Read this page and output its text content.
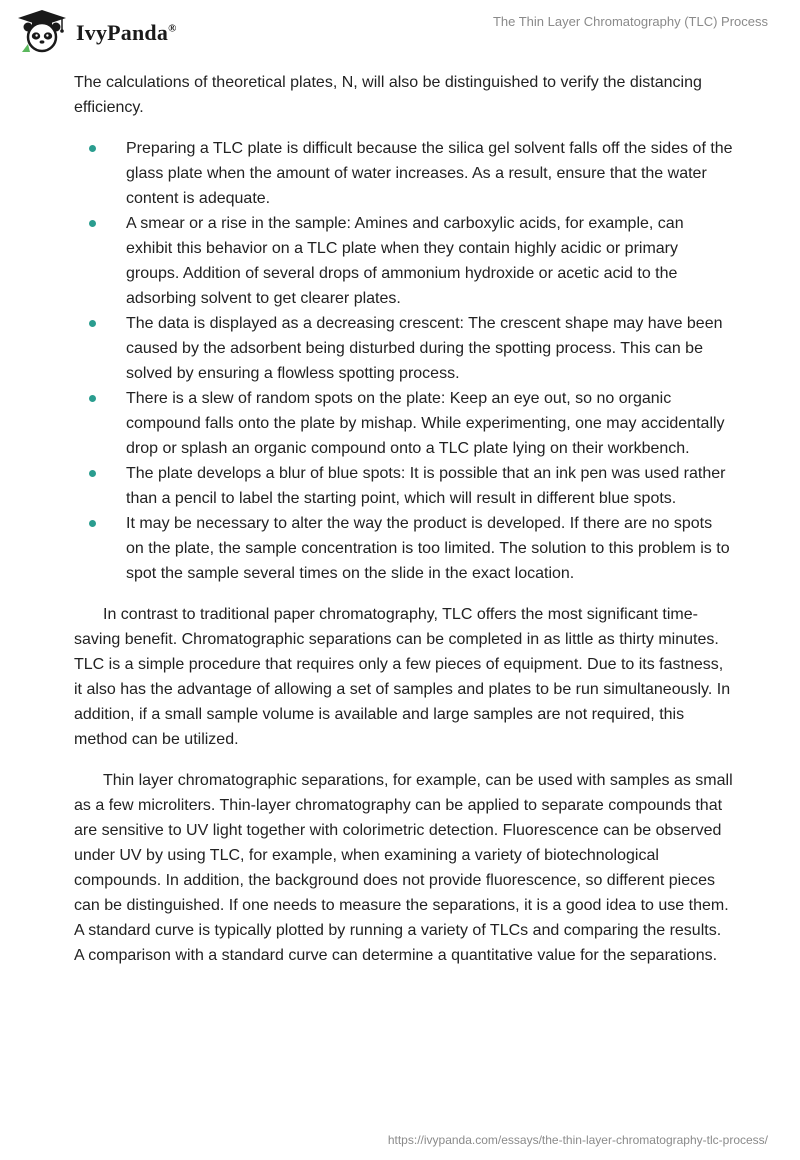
IvyPanda®	The Thin Layer Chromatography (TLC) Process

The calculations of theoretical plates, N, will also be distinguished to verify the distancing efficiency.

Preparing a TLC plate is difficult because the silica gel solvent falls off the sides of the glass plate when the amount of water increases. As a result, ensure that the water content is adequate.
A smear or a rise in the sample: Amines and carboxylic acids, for example, can exhibit this behavior on a TLC plate when they contain highly acidic or primary groups. Addition of several drops of ammonium hydroxide or acetic acid to the adsorbing solvent to get clearer plates.
The data is displayed as a decreasing crescent: The crescent shape may have been caused by the adsorbent being disturbed during the spotting process. This can be solved by ensuring a flowless spotting process.
There is a slew of random spots on the plate: Keep an eye out, so no organic compound falls onto the plate by mishap. While experimenting, one may accidentally drop or splash an organic compound onto a TLC plate lying on their workbench.
The plate develops a blur of blue spots: It is possible that an ink pen was used rather than a pencil to label the starting point, which will result in different blue spots.
It may be necessary to alter the way the product is developed. If there are no spots on the plate, the sample concentration is too limited. The solution to this problem is to spot the sample several times on the slide in the exact location.

In contrast to traditional paper chromatography, TLC offers the most significant time-saving benefit. Chromatographic separations can be completed in as little as thirty minutes. TLC is a simple procedure that requires only a few pieces of equipment. Due to its fastness, it also has the advantage of allowing a set of samples and plates to be run simultaneously. In addition, if a small sample volume is available and large samples are not required, this method can be utilized.

Thin layer chromatographic separations, for example, can be used with samples as small as a few microliters. Thin-layer chromatography can be applied to separate compounds that are sensitive to UV light together with colorimetric detection. Fluorescence can be observed under UV by using TLC, for example, when examining a variety of biotechnological compounds. In addition, the background does not provide fluorescence, so different pieces can be distinguished. If one needs to measure the separations, it is a good idea to use them. A standard curve is typically plotted by running a variety of TLCs and comparing the results. A comparison with a standard curve can determine a quantitative value for the separations.

https://ivypanda.com/essays/the-thin-layer-chromatography-tlc-process/
